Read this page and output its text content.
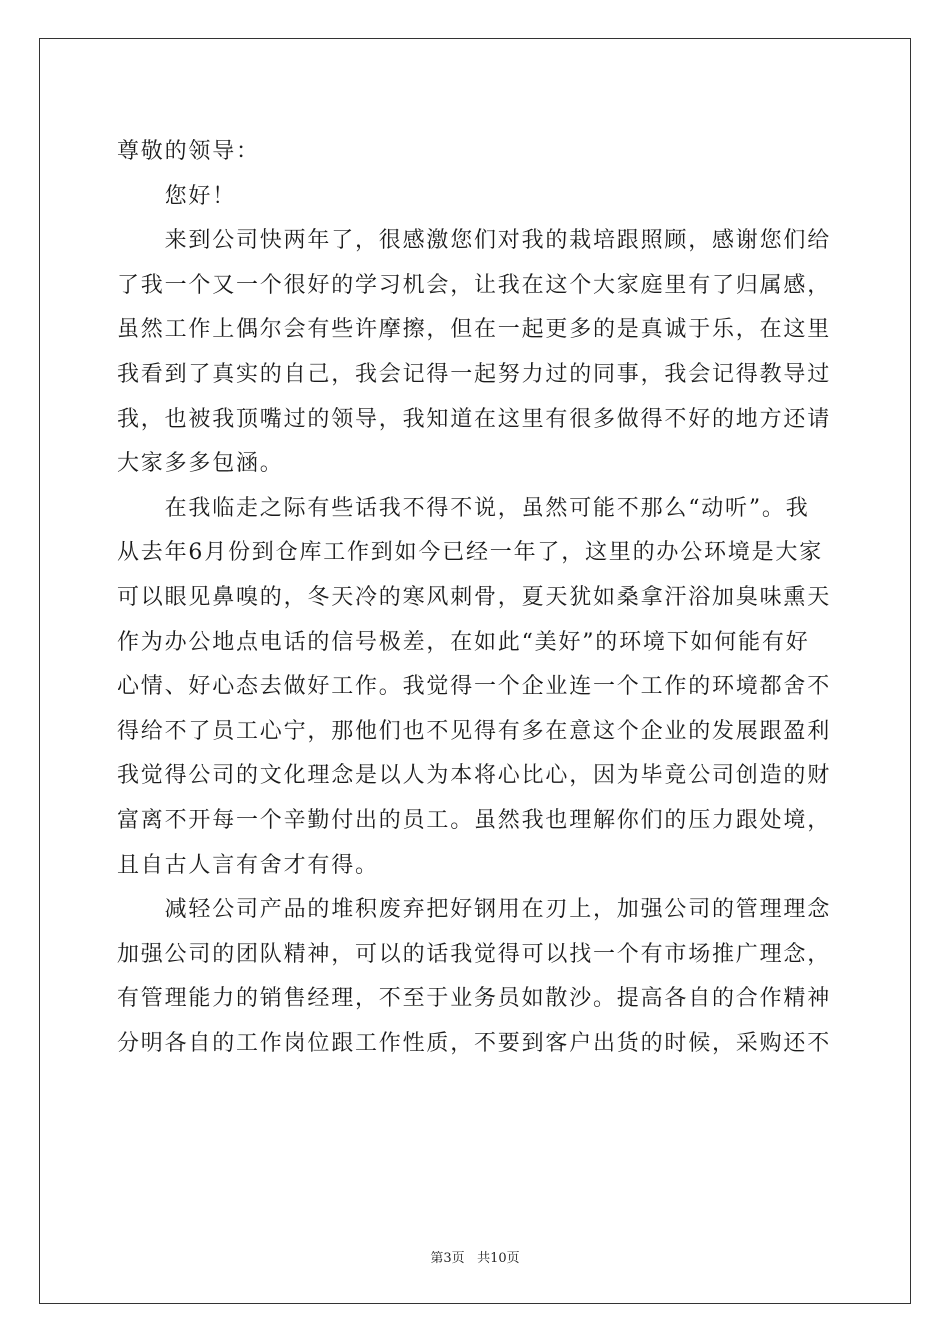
尊敬的领导：

　　您好！

　　来到公司快两年了，很感激您们对我的栽培跟照顾，感谢您们给

了我一个又一个很好的学习机会，让我在这个大家庭里有了归属感，

虽然工作上偶尔会有些许摩擦，但在一起更多的是真诚于乐，在这里

我看到了真实的自己，我会记得一起努力过的同事，我会记得教导过

我，也被我顶嘴过的领导，我知道在这里有很多做得不好的地方还请

大家多多包涵。

　　在我临走之际有些话我不得不说，虽然可能不那么“动听”。我

从去年6月份到仓库工作到如今已经一年了，这里的办公环境是大家

可以眼见鼻嗅的，冬天冷的寒风刺骨，夏天犹如桑拿汗浴加臭味熏天

作为办公地点电话的信号极差，在如此“美好”的环境下如何能有好

心情、好心态去做好工作。我觉得一个企业连一个工作的环境都舍不

得给不了员工心宁，那他们也不见得有多在意这个企业的发展跟盈利

我觉得公司的文化理念是以人为本将心比心，因为毕竟公司创造的财

富离不开每一个辛勤付出的员工。虽然我也理解你们的压力跟处境，

且自古人言有舍才有得。

　　减轻公司产品的堆积废弃把好钢用在刃上，加强公司的管理理念

加强公司的团队精神，可以的话我觉得可以找一个有市场推广理念，

有管理能力的销售经理，不至于业务员如散沙。提高各自的合作精神

分明各自的工作岗位跟工作性质，不要到客户出货的时候，采购还不

第3页 共10页
